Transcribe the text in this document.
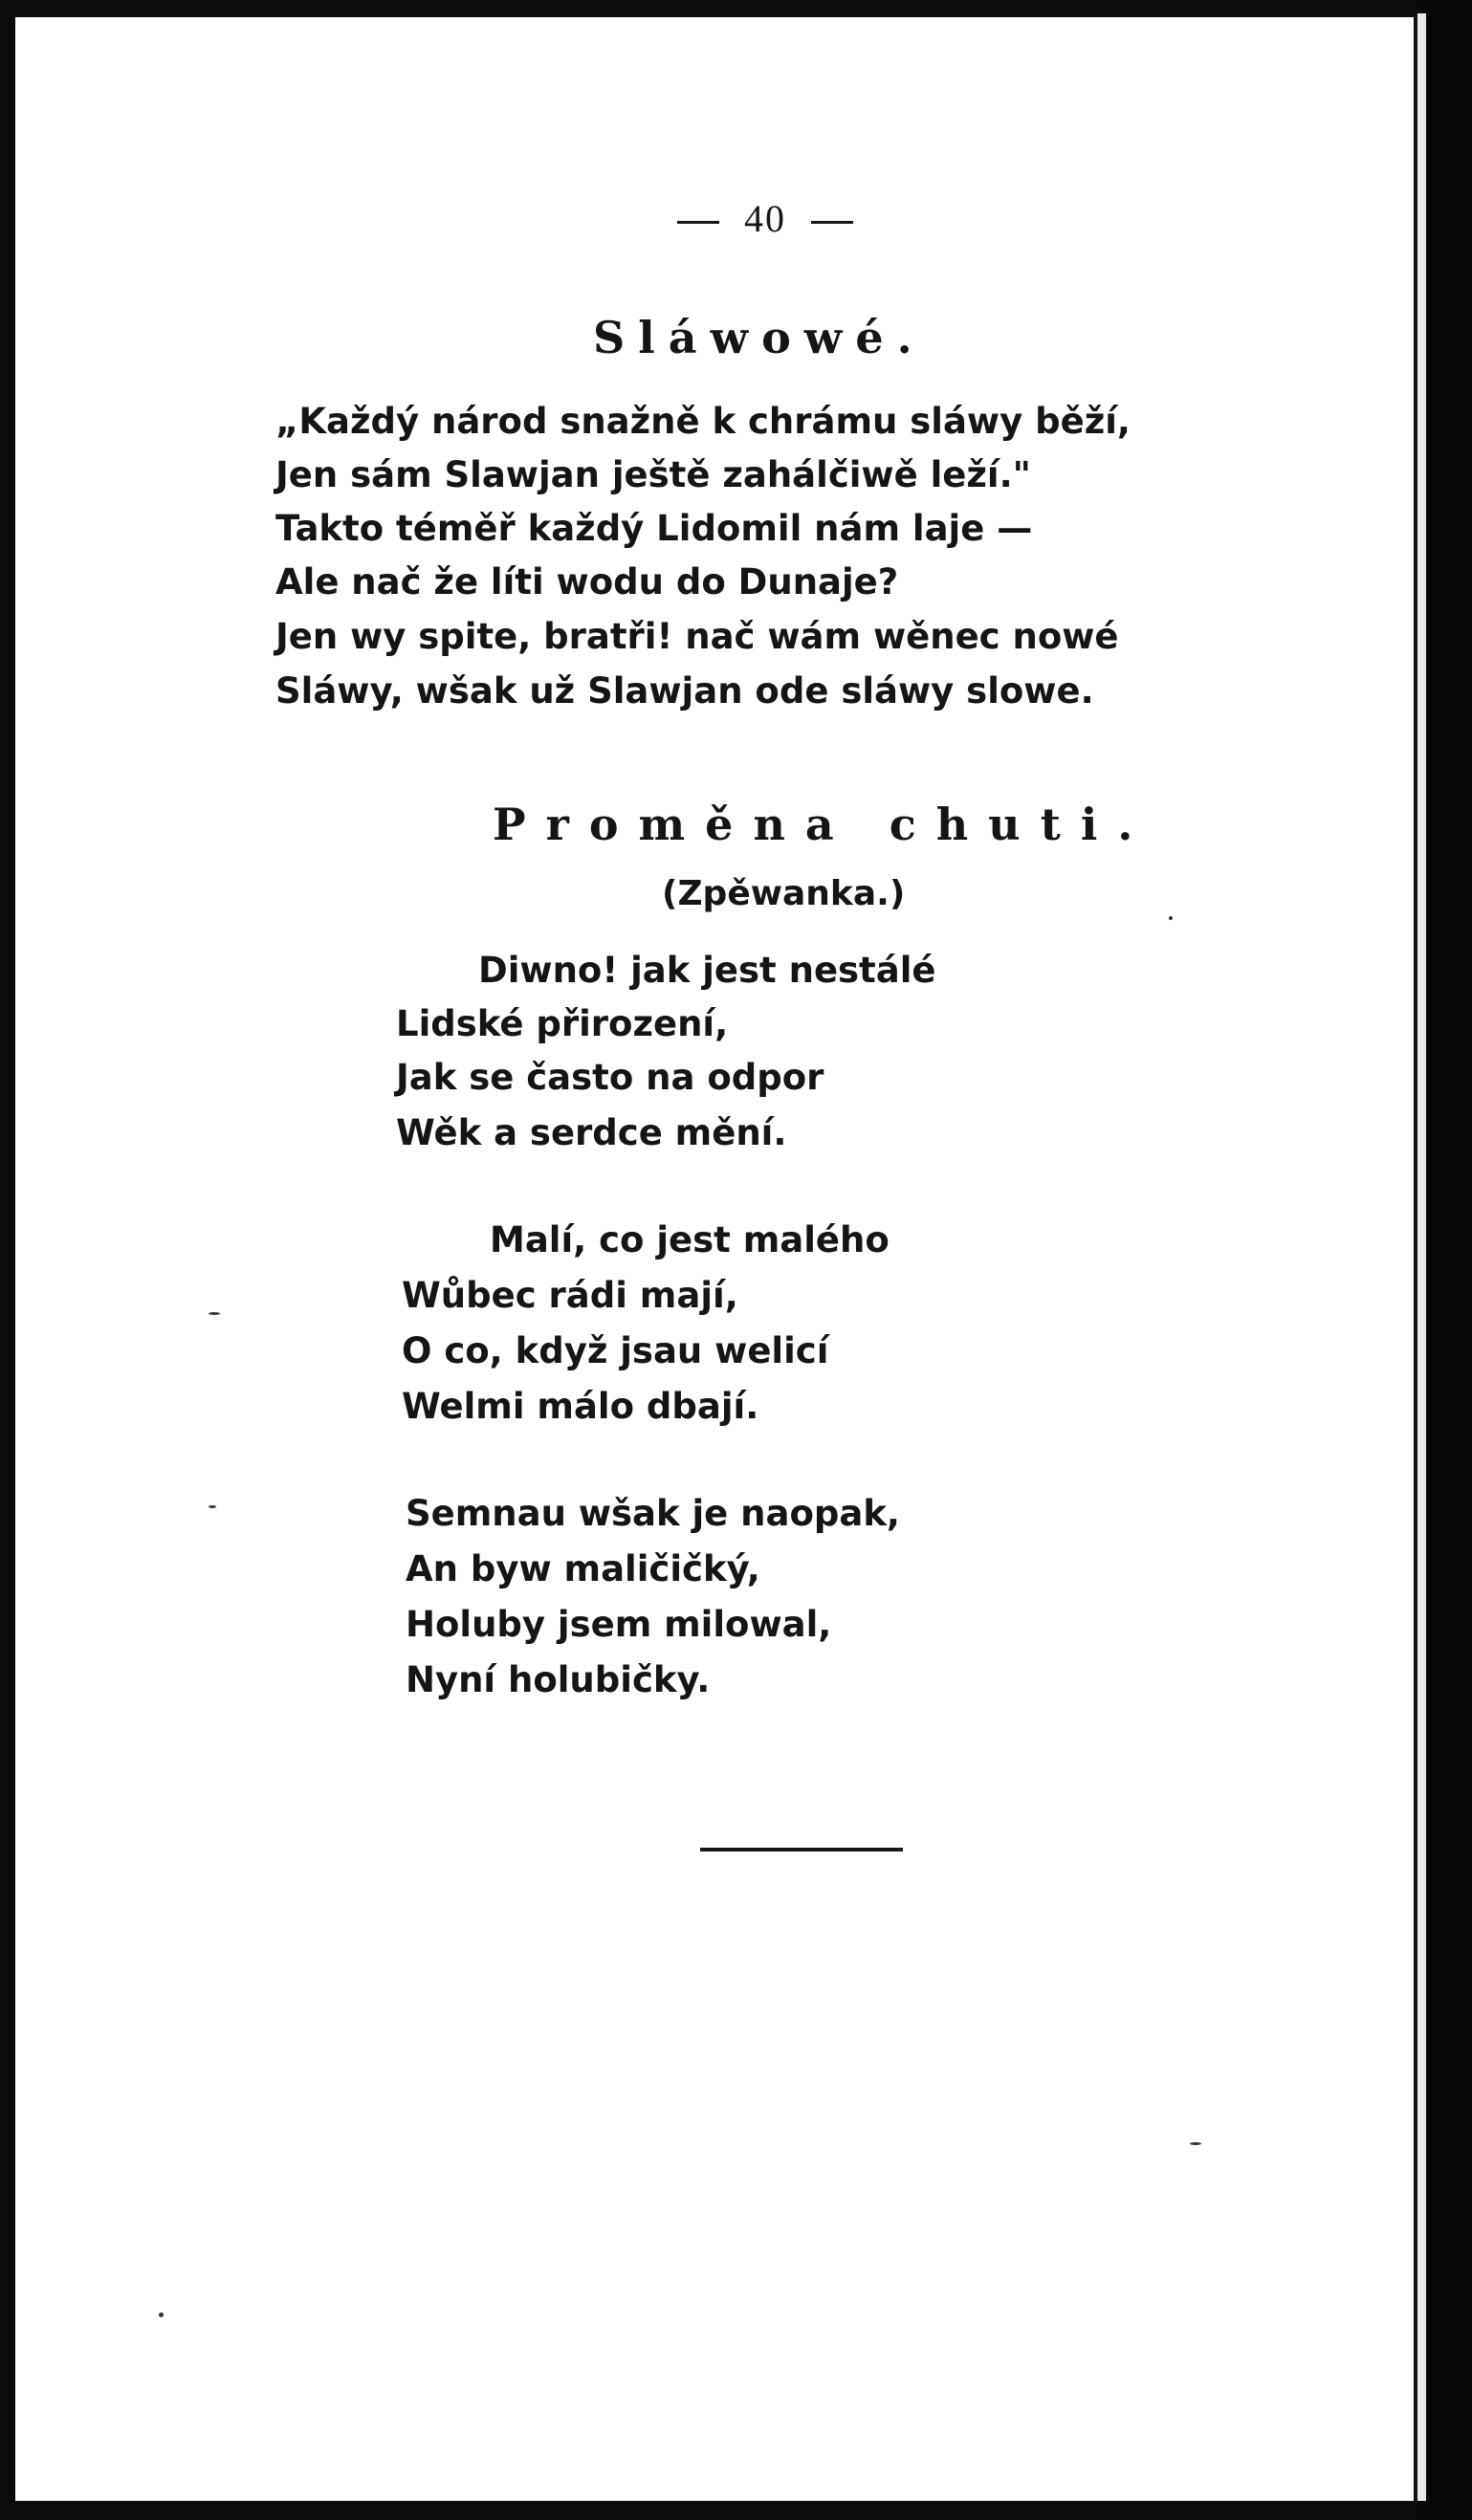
40
Sláwowé.

„Každý národ snažně k chrámu sláwy běží,

Jen sám Slawjan ještě zahálčiwě leží."

Takto téměř každý Lidomil nám laje —

Ale nač že líti wodu do Dunaje?

Jen wy spite, bratři! nač wám wěnec nowé

Sláwy, wšak už Slawjan ode sláwy slowe.

Proměna chuti.
(Zpěwanka.)

Diwno! jak jest nestálé

Lidské přirození,

Jak se často na odpor

Wěk a serdce mění.

Malí, co jest malého

Wůbec rádi mají,

O co, když jsau welicí

Welmi málo dbají.

Semnau wšak je naopak,

An byw maličičký,

Holuby jsem milowal,

Nyní holubičky.
